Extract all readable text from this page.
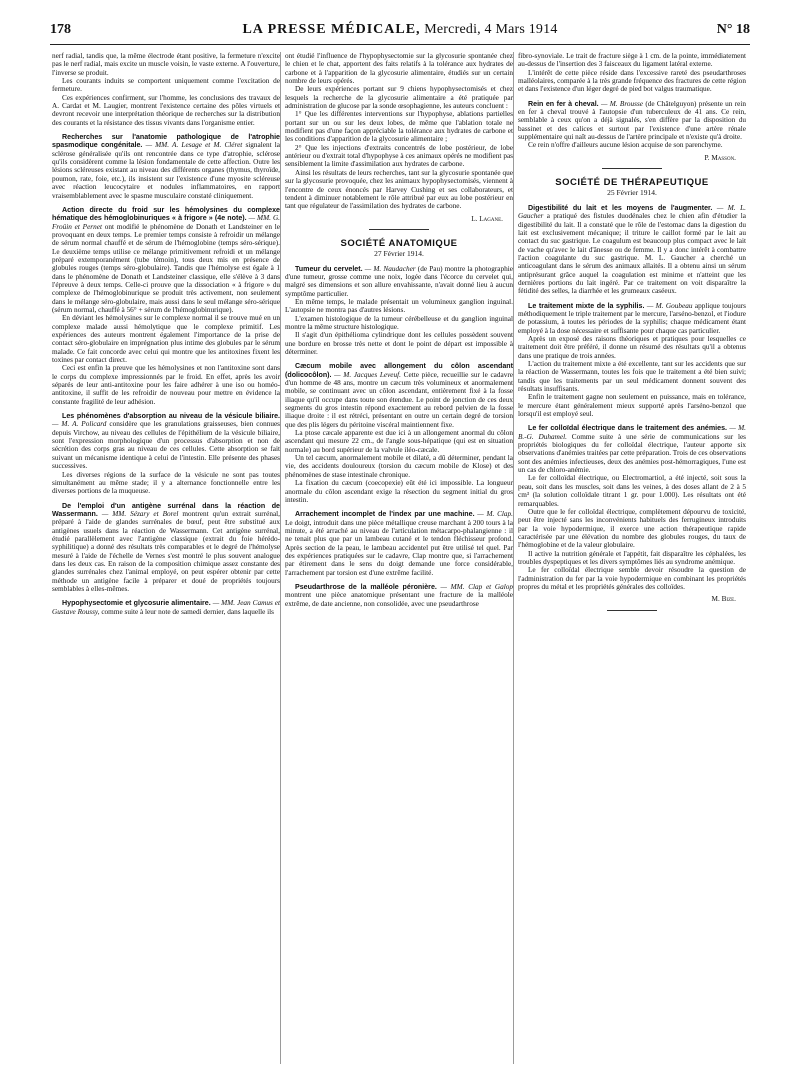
178	LA PRESSE MÉDICALE, Mercredi, 4 Mars 1914	N° 18

nerf radial, tandis que, la même électrode étant positive, la fermeture n'excite pas le nerf radial, mais excite un muscle voisin, le vaste externe. A l'ouverture, l'inverse se produit.

Les courants induits se comportent uniquement comme l'excitation de fermeture.

Ces expériences confirment, sur l'homme, les conclusions des travaux de A. Cardat et M. Laugier, montrent l'existence certaine des pôles virtuels et devront recevoir une interprétation théorique de recherches sur la distribution des courants et la résistance des tissus vivants dans l'organisme entier.

Recherches sur l'anatomie pathologique de l'atrophie spasmodique congénitale. — MM. A. Lesage et M. Cléret signalent la sclérose généralisée qu'ils ont rencontrée dans ce type d'atrophie, sclérose qu'ils considèrent comme la lésion fondamentale de cette affection. Outre les lésions scléreuses existant au niveau des différents organes (thymus, thyroïde, poumon, rate, foie, etc.), ils insistent sur l'existence d'une myosite scléreuse avec réaction leucocytaire et nodules inflammatoires, en rapport vraisemblablement avec le spasme musculaire constaté cliniquement.

Action directe du froid sur les hémolysines du complexe hématique des hémoglobinuriques « à frigore » (4e note). — MM. G. Froüin et Pernet ont modifié le phénomène de Donath et Landsteiner en le provoquant en deux temps. Le premier temps consiste à refroidir un mélange de sérum normal chauffé et de sérum de l'hémoglobine (temps séro-sérique). Le deuxième temps utilise ce mélange primitivement refroidi et un mélange préparé extemporanément (tube témoin), tous deux mis en présence de globules rouges (temps séro-globulaire). Tandis que l'hémolyse est égale à 1 dans le phénomène de Donath et Landsteiner classique, elle s'élève à 3 dans l'épreuve à deux temps. Celle-ci prouve que la dissociation « à frigore » du complexe de l'hémoglobinurique se produit très activement, non seulement dans le mélange séro-globulaire, mais aussi dans le seul mélange séro-sérique (sérum normal, chauffé à 56° + sérum de l'hémoglobinurique).

En déviant les hémolysines sur le complexe normal il se trouve mué en un complexe malade aussi hémolytique que le complexe primitif. Les expériences des auteurs montrent également l'importance de la prise de contact séro-globulaire en imprégnation plus intime des globules par le sérum malade. Ce fait concorde avec celui qui montre que les antitoxines fixent les toxines par contact direct.

Ceci est enfin la preuve que les hémolysines et non l'antitoxine sont dans le corps du complexe impressionnés par le froid. En effet, après les avoir séparés de leur anti-antitoxine pour les faire adhérer à une iso ou homéo-antitoxine, il suffit de les refroidir de nouveau pour mettre en évidence la constante fragilité de leur adhésion.

Les phénomènes d'absorption au niveau de la vésicule biliaire. — M. A. Policard considère que les granulations graisseuses, bien connues depuis Virchow, au niveau des cellules de l'épithélium de la vésicule biliaire, sont l'expression morphologique d'un processus d'absorption et non de sécrétion des corps gras au niveau de ces cellules. Cette absorption se fait suivant un mécanisme identique à celui de l'intestin. Elle présente des phases successives.

Les diverses régions de la surface de la vésicule ne sont pas toutes simultanément au même stade; il y a alternance fonctionnelle entre les diverses portions de la muqueuse.

De l'emploi d'un antigène surrénal dans la réaction de Wassermann. — MM. Sézary et Borel montrent qu'un extrait surrénal, préparé à l'aide de glandes surrénales de bœuf, peut être substitué aux antigènes usuels dans la réaction de Wassermann. Cet antigène surrénal, étudié parallèlement avec l'antigène classique (extrait du foie hérédo-syphilitique) a donné des résultats très comparables et le degré de l'hémolyse mesuré à l'aide de l'échelle de Vernes s'est montré le plus souvent analogue dans les deux cas. En raison de la composition chimique assez constante des glandes surrénales chez l'animal employé, on peut espérer obtenir par cette méthode un antigène facile à préparer et doué de propriétés toujours semblables à elles-mêmes.

Hypophysectomie et glycosurie alimentaire. — MM. Jean Camus et Gustave Roussy, comme suite à leur note de samedi dernier, dans laquelle ils

ont étudié l'influence de l'hypophysectomie sur la glycosurie spontanée chez le chien et le chat, apportent des faits relatifs à la tolérance aux hydrates de carbone et à l'apparition de la glycosurie alimentaire, étudiés sur un certain nombre de leurs opérés.

De leurs expériences portant sur 9 chiens hypophysectomisés et chez lesquels la recherche de la glycosurie alimentaire a été pratiquée par administration de glucose par la sonde œsophagienne, les auteurs concluent :

1° Que les différentes interventions sur l'hypophyse, ablations partielles portant sur un ou sur les deux lobes, de même que l'ablation totale ne modifient pas d'une façon appréciable la tolérance aux hydrates de carbone et les conditions d'apparition de la glycosurie alimentaire ;

2° Que les injections d'extraits concentrés de lobe postérieur, de lobe antérieur ou d'extrait total d'hypophyse à ces animaux opérés ne modifient pas sensiblement la limite d'assimilation aux hydrates de carbone.

Ainsi les résultats de leurs recherches, tant sur la glycosurie spontanée que sur la glycosurie provoquée, chez les animaux hypophysectomisés, viennent à l'encontre de ceux énoncés par Harvey Cushing et ses collaborateurs, et tendent à diminuer notablement le rôle attribué par eux au lobe postérieur en tant que régulateur de l'assimilation des hydrates de carbone.

L. Lagane.
SOCIÉTÉ ANATOMIQUE
27 Février 1914.

Tumeur du cervelet. — M. Naudacher (de Pau) montre la photographie d'une tumeur, grosse comme une noix, logée dans l'écorce du cervelet qui, malgré ses dimensions et son allure envahissante, n'avait donné lieu à aucun symptôme particulier.

En même temps, le malade présentait un volumineux ganglion inguinal. L'autopsie ne montra pas d'autres lésions.

L'examen histologique de la tumeur cérébelleuse et du ganglion inguinal montre la même structure histologique.

Il s'agit d'un épithélioma cylindrique dont les cellules possèdent souvent une bordure en brosse très nette et dont le point de départ est impossible à déterminer.

Cæcum mobile avec allongement du côlon ascendant (dolicocôlon). — M. Jacques Leveuf. Cette pièce, recueillie sur le cadavre d'un homme de 48 ans, montre un cæcum très volumineux et anormalement mobile, se continuant avec un côlon ascendant, entièrement fixé à la fosse iliaque qu'il occupe dans toute son étendue. Le point de jonction de ces deux segments du gros intestin répond exactement au rebord pelvien de la fosse iliaque droite : il est rétréci, présentant en outre un certain degré de torsion que des plis légers du péritoine viscéral maintiennent fixe.

La ptose cæcale apparente est due ici à un allongement anormal du côlon ascendant qui mesure 22 cm., de l'angle sous-hépatique (qui est en situation normale) au bord supérieur de la valvule iléo-cæcale.

Un tel cæcum, anormalement mobile et dilaté, a dû déterminer, pendant la vie, des accidents douloureux (torsion du cæcum mobile de Klose) et des phénomènes de stase intestinale chronique.

La fixation du cæcum (coecopexie) eût été ici impossible. La longueur anormale du côlon ascendant exige la résection du segment initial du gros intestin.

Arrachement incomplet de l'index par une machine. — M. Clap. Le doigt, introduit dans une pièce métallique creuse marchant à 200 tours à la minute, a été arraché au niveau de l'articulation métacarpo-phalangienne : il ne tenait plus que par un lambeau cutané et le tendon fléchisseur profond. Après section de la peau, le lambeau accidentel put être utilisé tel quel. Par des expériences pratiquées sur le cadavre, Clap montre que, si l'arrachement par étirement dans le sens du doigt demande une force considérable, l'arrachement par torsion est d'une extrême facilité.

Pseudarthrose de la malléole péronière. — MM. Clap et Galop montrent une pièce anatomique présentant une fracture de la malléole extrême, de date ancienne, non consolidée, avec une pseudarthrose

fibro-synoviale. Le trait de fracture siège à 1 cm. de la pointe, immédiatement au-dessus de l'insertion des 3 faisceaux du ligament latéral externe.

L'intérêt de cette pièce réside dans l'excessive rareté des pseudarthroses malléolaires, comparée à la très grande fréquence des fractures de cette région et dans l'existence d'un léger degré de pied bot valgus traumatique.

Rein en fer à cheval. — M. Brousse (de Châtelguyon) présente un rein en fer à cheval trouvé à l'autopsie d'un tuberculeux de 41 ans. Ce rein, semblable à ceux qu'on a déjà signalés, s'en diffère par la disposition du bassinet et des calices et surtout par l'existence d'une artère rénale supplémentaire qui naît au-dessus de l'artère principale et n'existe qu'à droite.

Ce rein n'offre d'ailleurs aucune lésion acquise de son parenchyme.

P. Masson.
SOCIÉTÉ DE THÉRAPEUTIQUE
25 Février 1914.

Digestibilité du lait et les moyens de l'augmenter. — M. L. Gaucher a pratiqué des fistules duodénales chez le chien afin d'étudier la digestibilité du lait. Il a constaté que le rôle de l'estomac dans la digestion du lait est exclusivement mécanique; il triture le caillot formé par le lait au contact du suc gastrique. Le coagulum est beaucoup plus compact avec le lait de vache qu'avec le lait d'ânesse ou de femme. Il y a donc intérêt à combattre l'action coagulante du suc gastrique. M. L. Gaucher a cherché un anticoagulant dans le sérum des animaux allaités. Il a obtenu ainsi un sérum antiprésurant grâce auquel la coagulation est minime et n'atteint que les dernières portions du lait ingéré. Par ce traitement on voit disparaître la fétidité des selles, la diarrhée et les grumeaux caséeux.

Le traitement mixte de la syphilis. — M. Goubeau applique toujours méthodiquement le triple traitement par le mercure, l'arséno-benzol, et l'iodure de potassium, à toutes les périodes de la syphilis; chaque médicament étant employé à la dose nécessaire et suffisante pour chaque cas particulier.

Après un exposé des raisons théoriques et pratiques pour lesquelles ce traitement doit être préféré, il donne un résumé des résultats qu'il a obtenus dans une pratique de trois années.

L'action du traitement mixte a été excellente, tant sur les accidents que sur la réaction de Wassermann, toutes les fois que le traitement a été bien suivi; tandis que les traitements par un seul médicament donnent souvent des résultats insuffisants.

Enfin le traitement gagne non seulement en puissance, mais en tolérance, le mercure étant généralement mieux supporté après l'arséno-benzol que lorsqu'il est employé seul.

Le fer colloïdal électrique dans le traitement des anémies. — M. B.-G. Duhamel. Comme suite à une série de communications sur les propriétés biologiques du fer colloïdal électrique, l'auteur apporte six observations d'anémies traitées par cette préparation. Trois de ces observations sont des anémies infectieuses, deux des anémies post-hémorragiques, l'une est un cas de chloro-anémie.

Le fer colloïdal électrique, ou Electromartiol, a été injecté, soit sous la peau, soit dans les muscles, soit dans les veines, à des doses allant de 2 à 5 cm³ (la solution colloïdale titrant 1 gr. pour 1.000). Les résultats ont été remarquables.

Outre que le fer colloïdal électrique, complètement dépourvu de toxicité, peut être injecté sans les inconvénients habituels des ferrugineux introduits par la voie hypodermique, il exerce une action thérapeutique rapide caractérisée par une élévation du nombre des globules rouges, du taux de l'hémoglobine et de la valeur globulaire.

Il active la nutrition générale et l'appétit, fait disparaître les céphalées, les troubles dyspeptiques et les divers symptômes liés au syndrome anémique.

Le fer colloïdal électrique semble devoir résoudre la question de l'administration du fer par la voie hypodermique en combinant les propriétés propres du métal et les propriétés générales des colloïdes.

M. Bize.
